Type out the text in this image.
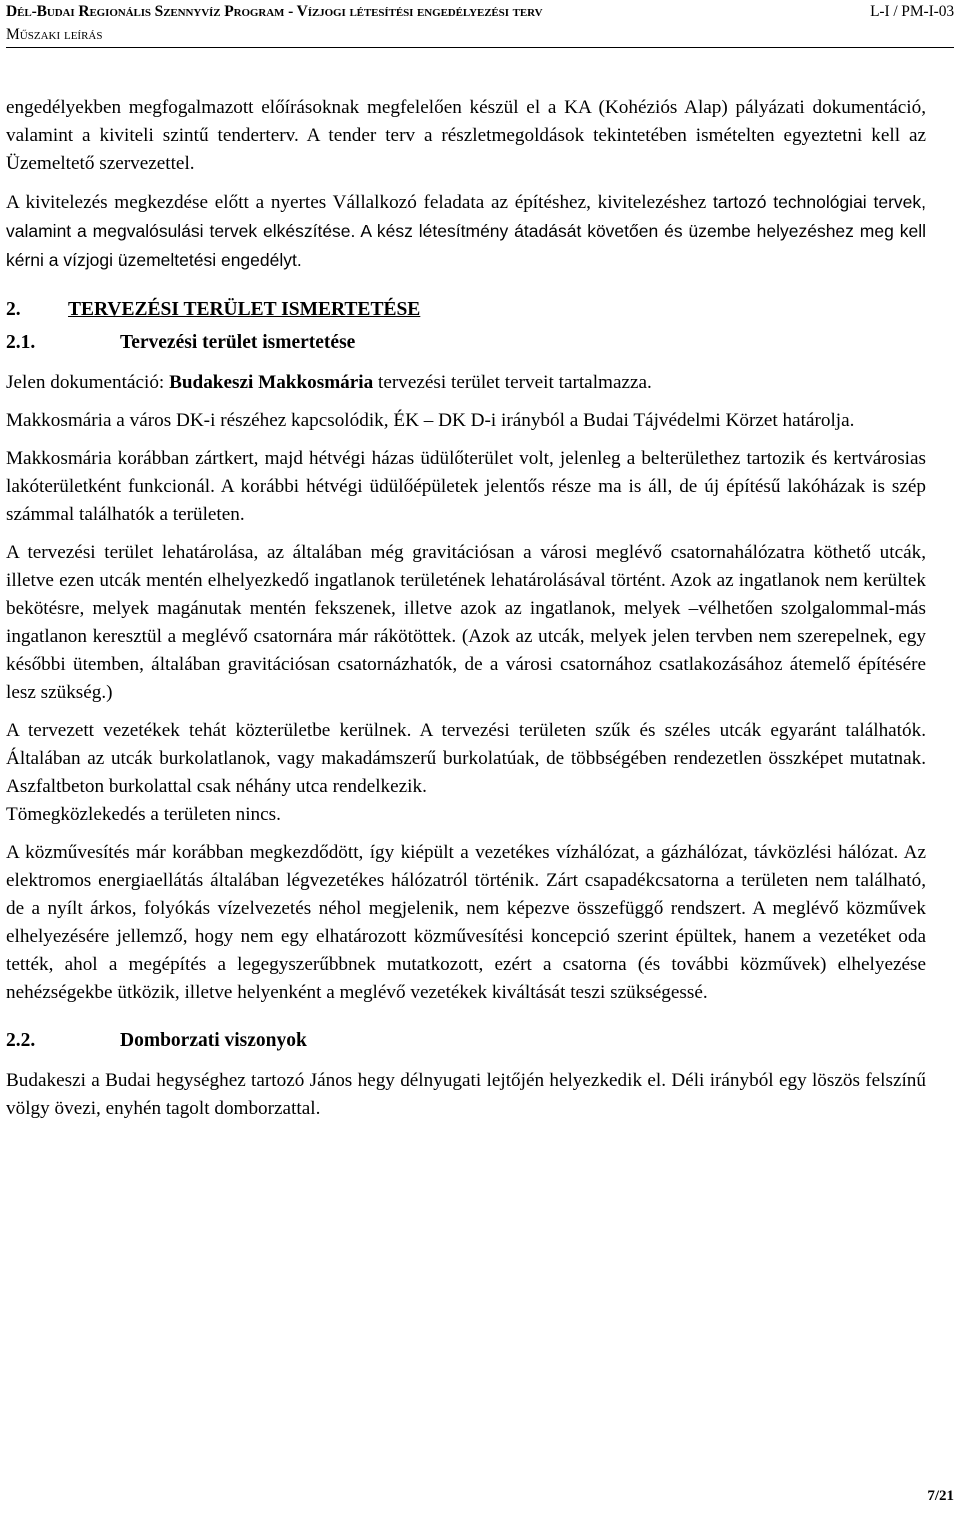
Dél-Budai Regionális Szennyvíz Program - Vízjogi létesítési engedélyezési terv	L-I / PM-I-03
Műszaki leírás

engedélyekben megfogalmazott előírásoknak megfelelően készül el a KA (Kohéziós Alap) pályázati dokumentáció, valamint a kiviteli szintű tenderterv. A tender terv a részletmegoldások tekintetében ismételten egyeztetni kell az Üzemeltető szervezettel.

A kivitelezés megkezdése előtt a nyertes Vállalkozó feladata az építéshez, kivitelezéshez tartozó technológiai tervek, valamint a megvalósulási tervek elkészítése. A kész létesítmény átadását követően és üzembe helyezéshez meg kell kérni a vízjogi üzemeltetési engedélyt.

2. TERVEZÉSI TERÜLET ISMERTETÉSE
2.1.	Tervezési terület ismertetése

Jelen dokumentáció: Budakeszi Makkosmária tervezési terület terveit tartalmazza.

Makkosmária a város DK-i részéhez kapcsolódik, ÉK – DK D-i irányból a Budai Tájvédelmi Körzet határolja.

Makkosmária korábban zártkert, majd hétvégi házas üdülőterület volt, jelenleg a belterülethez tartozik és kertvárosias lakóterületként funkcionál. A korábbi hétvégi üdülőépületek jelentős része ma is áll, de új építésű lakóházak is szép számmal találhatók a területen.

A tervezési terület lehatárolása, az általában még gravitációsan a városi meglévő csatornahálózatra köthető utcák, illetve ezen utcák mentén elhelyezkedő ingatlanok területének lehatárolásával történt. Azok az ingatlanok nem kerültek bekötésre, melyek magánutak mentén fekszenek, illetve azok az ingatlanok, melyek –vélhetően szolgalommal-más ingatlanon keresztül a meglévő csatornára már rákötöttek. (Azok az utcák, melyek jelen tervben nem szerepelnek, egy későbbi ütemben, általában gravitációsan csatornázhatók, de a városi csatornához csatlakozásához átemelő építésére lesz szükség.)

A tervezett vezetékek tehát közterületbe kerülnek. A tervezési területen szűk és széles utcák egyaránt találhatók. Általában az utcák burkolatlanok, vagy makadámszerű burkolatúak, de többségében rendezetlen összképet mutatnak. Aszfaltbeton burkolattal csak néhány utca rendelkezik.

Tömegközlekedés a területen nincs.

A közművesítés már korábban megkezdődött, így kiépült a vezetékes vízhálózat, a gázhálózat, távközlési hálózat. Az elektromos energiaellátás általában légvezetékes hálózatról történik. Zárt csapadékcsatorna a területen nem található, de a nyílt árkos, folyókás vízelvezetés néhol megjelenik, nem képezve összefüggő rendszert. A meglévő közművek elhelyezésére jellemző, hogy nem egy elhatározott közművesítési koncepció szerint épültek, hanem a vezetéket oda tették, ahol a megépítés a legegyszerűbbnek mutatkozott, ezért a csatorna (és további közművek) elhelyezése nehézségekbe ütközik, illetve helyenként a meglévő vezetékek kiváltását teszi szükségessé.

2.2.	Domborzati viszonyok

Budakeszi a Budai hegységhez tartozó János hegy délnyugati lejtőjén helyezkedik el. Déli irányból egy löszös felszínű völgy övezi, enyhén tagolt domborzattal.

7/21
